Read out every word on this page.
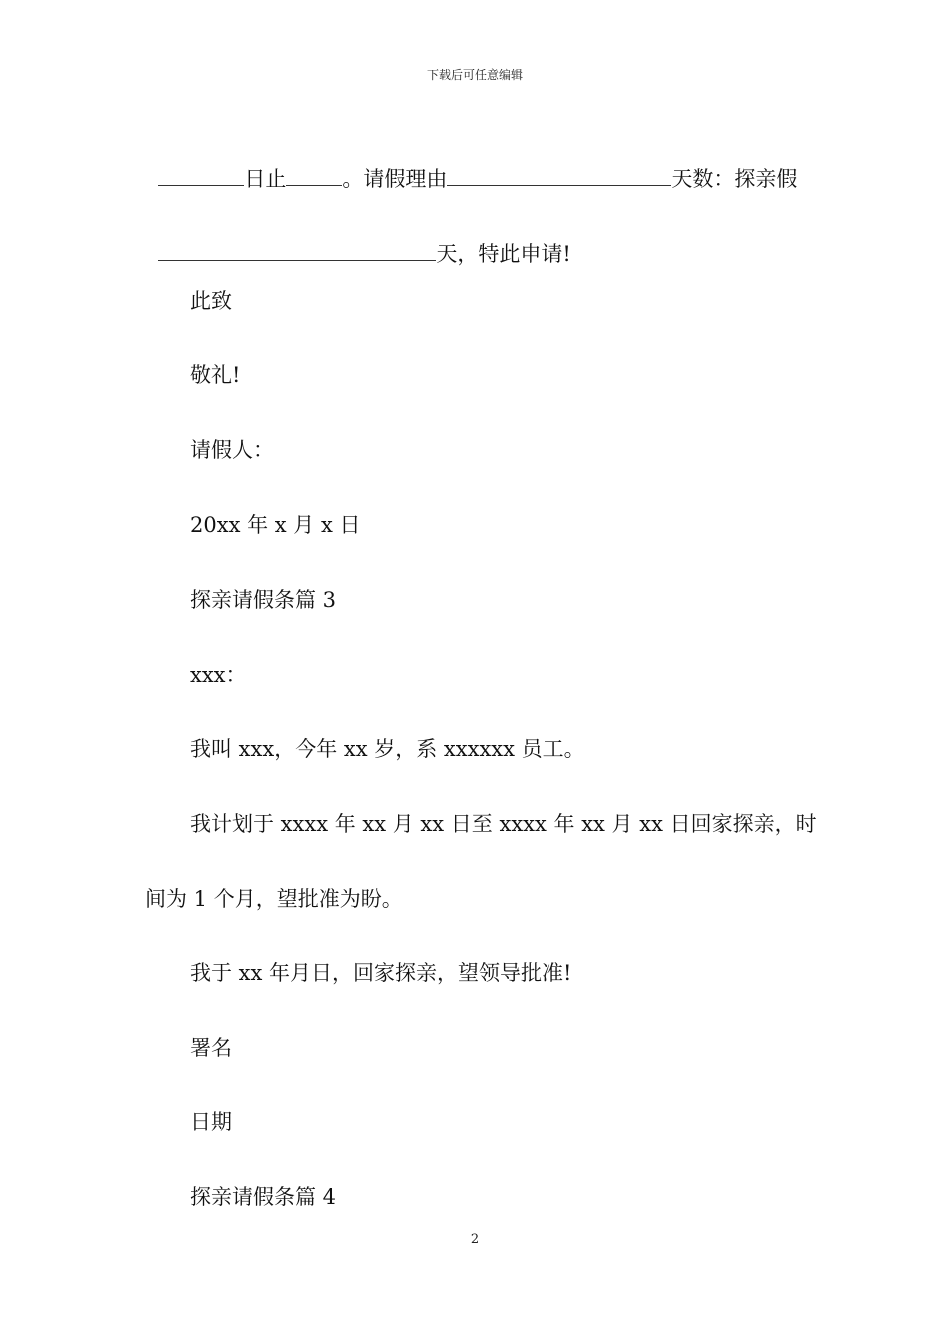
下载后可任意编辑

日止	。请假理由	天数：探亲假

天，特此申请!

此致
敬礼!
请假人：
20xx 年 x 月 x 日
探亲请假条篇 3
xxx：
我叫 xxx，今年 xx 岁，系 xxxxxx 员工。
我计划于 xxxx 年 xx 月 xx 日至 xxxx 年 xx 月 xx 日回家探亲，时
间为 1 个月，望批准为盼。
我于 xx 年月日，回家探亲，望领导批准!
署名
日期
探亲请假条篇 4
2
